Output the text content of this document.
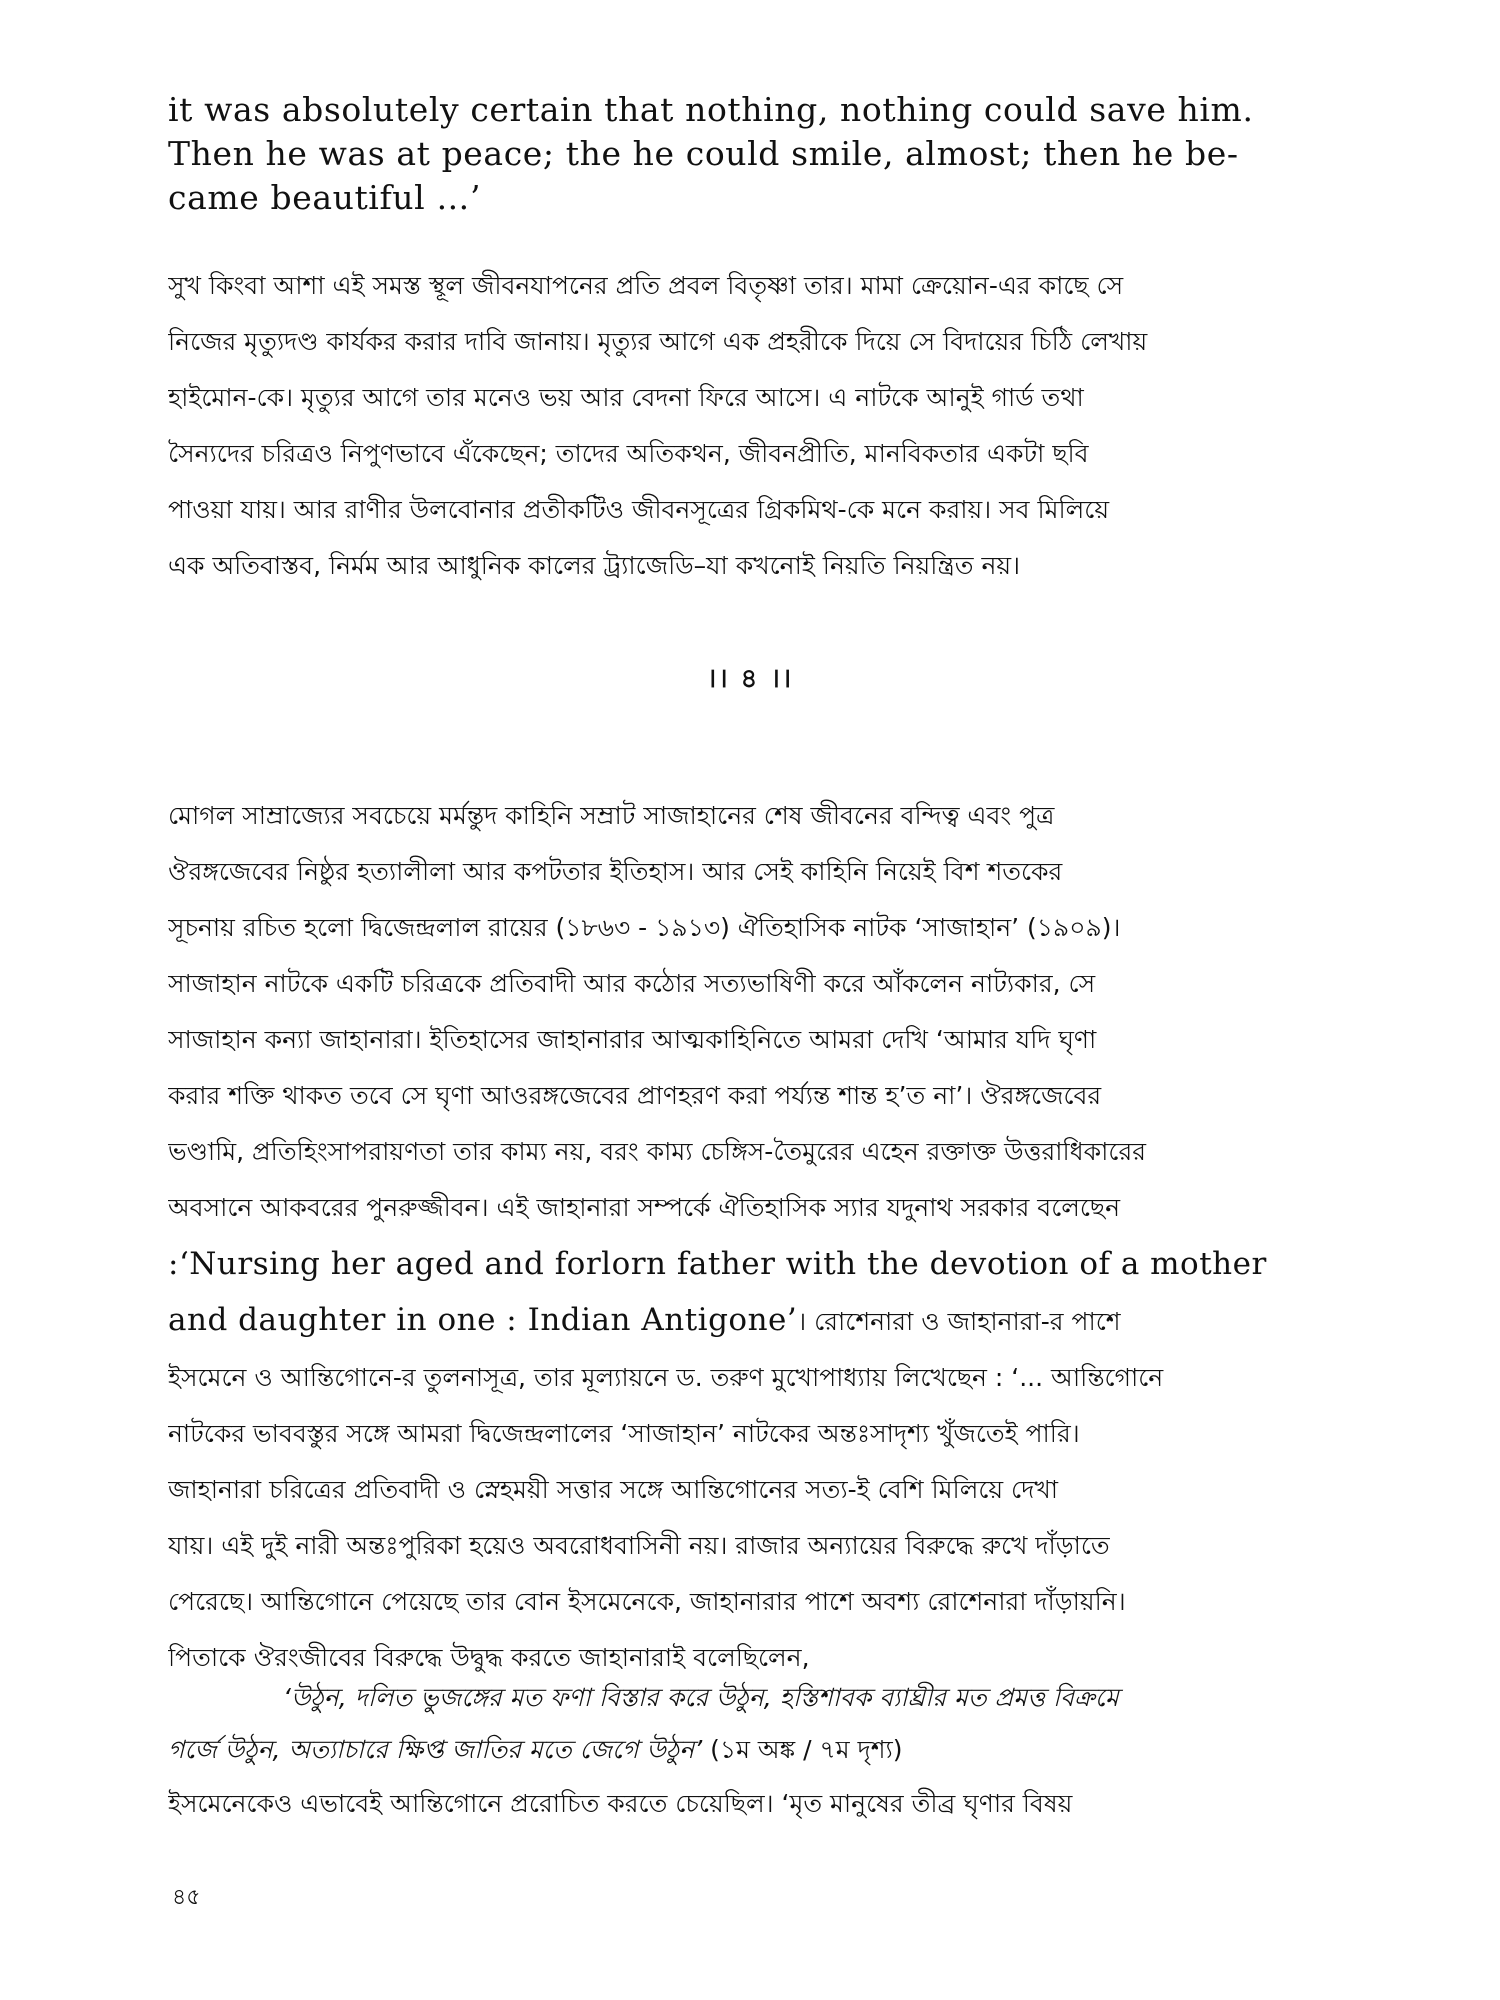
it was absolutely certain that nothing, nothing could save him.
Then he was at peace; the he could smile, almost; then he be-
came beautiful …’
সুখ কিংবা আশা এই সমস্ত স্থূল জীবনযাপনের প্রতি প্রবল বিতৃষ্ণা তার। মামা ক্রেয়োন-এর কাছে সে
নিজের মৃত্যুদণ্ড কার্যকর করার দাবি জানায়। মৃত্যুর আগে এক প্রহরীকে দিয়ে সে বিদায়ের চিঠি লেখায়
হাইমোন-কে। মৃত্যুর আগে তার মনেও ভয় আর বেদনা ফিরে আসে। এ নাটকে আনুই গার্ড তথা
সৈন্যদের চরিত্রও নিপুণভাবে এঁকেছেন; তাদের অতিকথন, জীবনপ্রীতি, মানবিকতার একটা ছবি
পাওয়া যায়। আর রাণীর উলবোনার প্রতীকটিও জীবনসূত্রের গ্রিকমিথ-কে মনে করায়। সব মিলিয়ে
এক অতিবাস্তব, নির্মম আর আধুনিক কালের ট্র্যাজেডি–যা কখনোই নিয়তি নিয়ন্ত্রিত নয়।
।। ৪ ।।
মোগল সাম্রাজ্যের সবচেয়ে মর্মন্তুদ কাহিনি সম্রাট সাজাহানের শেষ জীবনের বন্দিত্ব এবং পুত্র
ঔরঙ্গজেবের নিষ্ঠুর হত্যালীলা আর কপটতার ইতিহাস। আর সেই কাহিনি নিয়েই বিশ শতকের
সূচনায় রচিত হলো দ্বিজেন্দ্রলাল রায়ের (১৮৬৩ - ১৯১৩) ঐতিহাসিক নাটক ‘সাজাহান’ (১৯০৯)।
সাজাহান নাটকে একটি চরিত্রকে প্রতিবাদী আর কঠোর সত্যভাষিণী করে আঁকলেন নাট্যকার, সে
সাজাহান কন্যা জাহানারা। ইতিহাসের জাহানারার আত্মকাহিনিতে আমরা দেখি ‘আমার যদি ঘৃণা
করার শক্তি থাকত তবে সে ঘৃণা আওরঙ্গজেবের প্রাণহরণ করা পর্য্যন্ত শান্ত হ’ত না’। ঔরঙ্গজেবের
ভণ্ডামি, প্রতিহিংসাপরায়ণতা তার কাম্য নয়, বরং কাম্য চেঙ্গিস-তৈমুরের এহেন রক্তাক্ত উত্তরাধিকারের
অবসানে আকবরের পুনরুজ্জীবন। এই জাহানারা সম্পর্কে ঐতিহাসিক স্যার যদুনাথ সরকার বলেছেন
:‘Nursing her aged and forlorn father with the devotion of a mother
and daughter in one : Indian Antigone’। রোশেনারা ও জাহানারা-র পাশে
ইসমেনে ও আন্তিগোনে-র তুলনাসূত্র, তার মূল্যায়নে ড. তরুণ মুখোপাধ্যায় লিখেছেন : ‘... আন্তিগোনে
নাটকের ভাববস্তুর সঙ্গে আমরা দ্বিজেন্দ্রলালের ‘সাজাহান’ নাটকের অন্তঃসাদৃশ্য খুঁজতেই পারি।
জাহানারা চরিত্রের প্রতিবাদী ও স্নেহময়ী সত্তার সঙ্গে আন্তিগোনের সত্য-ই বেশি মিলিয়ে দেখা
যায়। এই দুই নারী অন্তঃপুরিকা হয়েও অবরোধবাসিনী নয়। রাজার অন্যায়ের বিরুদ্ধে রুখে দাঁড়াতে
পেরেছে। আন্তিগোনে পেয়েছে তার বোন ইসমেনেকে, জাহানারার পাশে অবশ্য রোশেনারা দাঁড়ায়নি।
পিতাকে ঔরংজীবের বিরুদ্ধে উদ্বুদ্ধ করতে জাহানারাই বলেছিলেন,
‘উঠুন, দলিত ভুজঙ্গের মত ফণা বিস্তার করে উঠুন, হস্তিশাবক ব্যাঘ্রীর মত প্রমত্ত বিক্রমে
গর্জে উঠুন, অত্যাচারে ক্ষিপ্ত জাতির মতে জেগে উঠুন’ (১ম অঙ্ক / ৭ম দৃশ্য)
ইসমেনেকেও এভাবেই আন্তিগোনে প্ররোচিত করতে চেয়েছিল। ‘মৃত মানুষের তীব্র ঘৃণার বিষয়
৪৫
